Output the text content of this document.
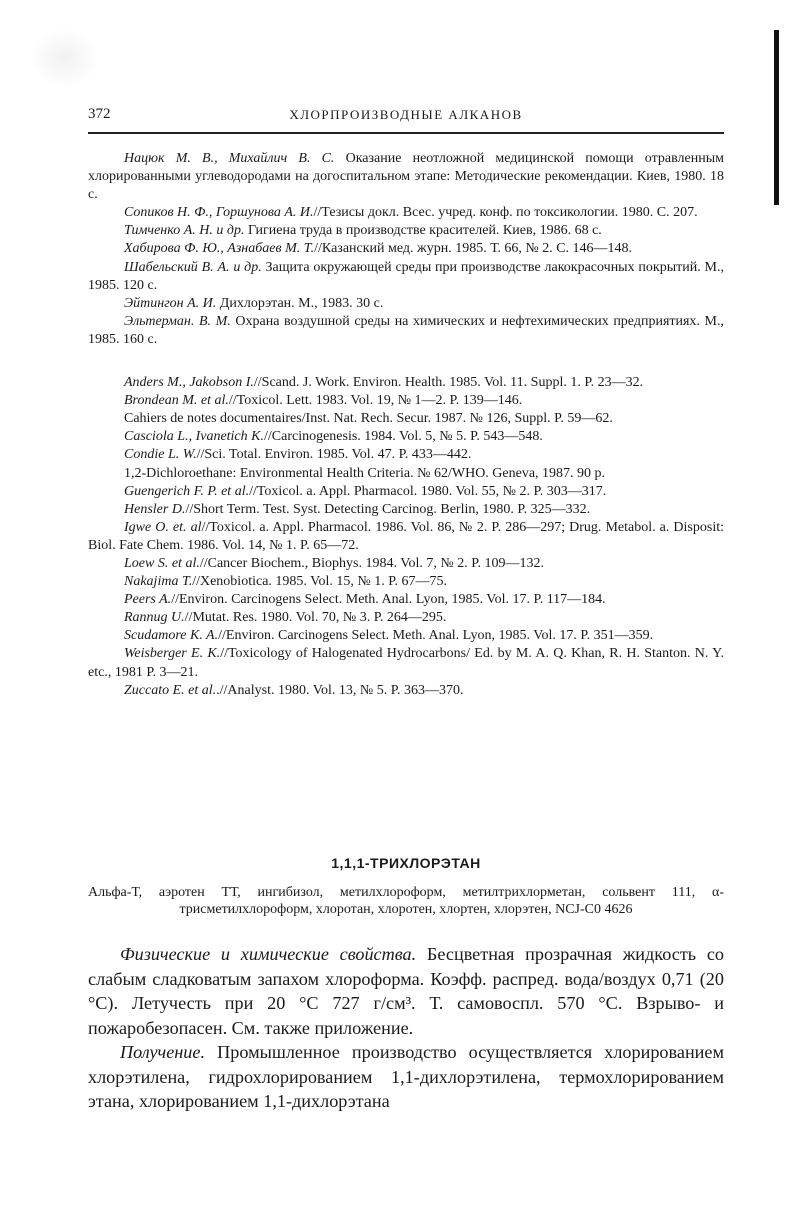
372	ХЛОРПРОИЗВОДНЫЕ АЛКАНОВ

Нацюк М. В., Михайлич В. С. Оказание неотложной медицинской помощи отравленным хлорированными углеводородами на догоспитальном этапе: Методические рекомендации. Киев, 1980. 18 с.

Сопиков Н. Ф., Горшунова А. И.//Тезисы докл. Всес. учред. конф. по токсикологии. 1980. С. 207.

Тимченко А. Н. и др. Гигиена труда в производстве красителей. Киев, 1986. 68 с.

Хабирова Ф. Ю., Азнабаев М. Т.//Казанский мед. журн. 1985. Т. 66, № 2. С. 146—148.

Шабельский В. А. и др. Защита окружающей среды при производстве лакокрасочных покрытий. М., 1985. 120 с.

Эйтингон А. И. Дихлорэтан. М., 1983. 30 с.

Эльтерман. В. М. Охрана воздушной среды на химических и нефтехимических предприятиях. М., 1985. 160 с.

Anders M., Jakobson I.//Scand. J. Work. Environ. Health. 1985. Vol. 11. Suppl. 1. P. 23—32.

Brondean M. et al.//Toxicol. Lett. 1983. Vol. 19, № 1—2. P. 139—146.

Cahiers de notes documentaires/Inst. Nat. Rech. Secur. 1987. № 126, Suppl. P. 59—62.

Casciola L., Ivanetich K.//Carcinogenesis. 1984. Vol. 5, № 5. P. 543—548.

Condie L. W.//Sci. Total. Environ. 1985. Vol. 47. P. 433—442.

1,2-Dichloroethane: Environmental Health Criteria. № 62/WHO. Geneva, 1987. 90 p.

Guengerich F. P. et al.//Toxicol. a. Appl. Pharmacol. 1980. Vol. 55, № 2. P. 303—317.

Hensler D.//Short Term. Test. Syst. Detecting Carcinog. Berlin, 1980. P. 325—332.

Igwe O. et. al//Toxicol. a. Appl. Pharmacol. 1986. Vol. 86, № 2. P. 286—297; Drug. Metabol. a. Disposit: Biol. Fate Chem. 1986. Vol. 14, № 1. P. 65—72.

Loew S. et al.//Cancer Biochem., Biophys. 1984. Vol. 7, № 2. P. 109—132.

Nakajima T.//Xenobiotica. 1985. Vol. 15, № 1. P. 67—75.

Peers A.//Environ. Carcinogens Select. Meth. Anal. Lyon, 1985. Vol. 17. P. 117—184.

Rannug U.//Mutat. Res. 1980. Vol. 70, № 3. P. 264—295.

Scudamore K. A.//Environ. Carcinogens Select. Meth. Anal. Lyon, 1985. Vol. 17. P. 351—359.

Weisberger E. K.//Toxicology of Halogenated Hydrocarbons/ Ed. by M. A. Q. Khan, R. H. Stanton. N. Y. etc., 1981 P. 3—21.

Zuccato E. et al..//Analyst. 1980. Vol. 13, № 5. P. 363—370.

1,1,1-ТРИХЛОРЭТАН
Альфа-Т, аэротен ТТ, ингибизол, метилхлороформ, метилтрихлорметан, сольвент 111, α-трисметилхлороформ, хлоротан, хлоротен, хлортен, хлорэтен, NCJ-C0 4626

Физические и химические свойства. Бесцветная прозрачная жидкость со слабым сладковатым запахом хлороформа. Коэфф. распред. вода/воздух 0,71 (20 °С). Летучесть при 20 °С 727 г/см³. Т. самовоспл. 570 °С. Взрыво- и пожаробезопасен. См. также приложение.

Получение. Промышленное производство осуществляется хлорированием хлорэтилена, гидрохлорированием 1,1-дихлорэтилена, термохлорированием этана, хлорированием 1,1-дихлорэтана
